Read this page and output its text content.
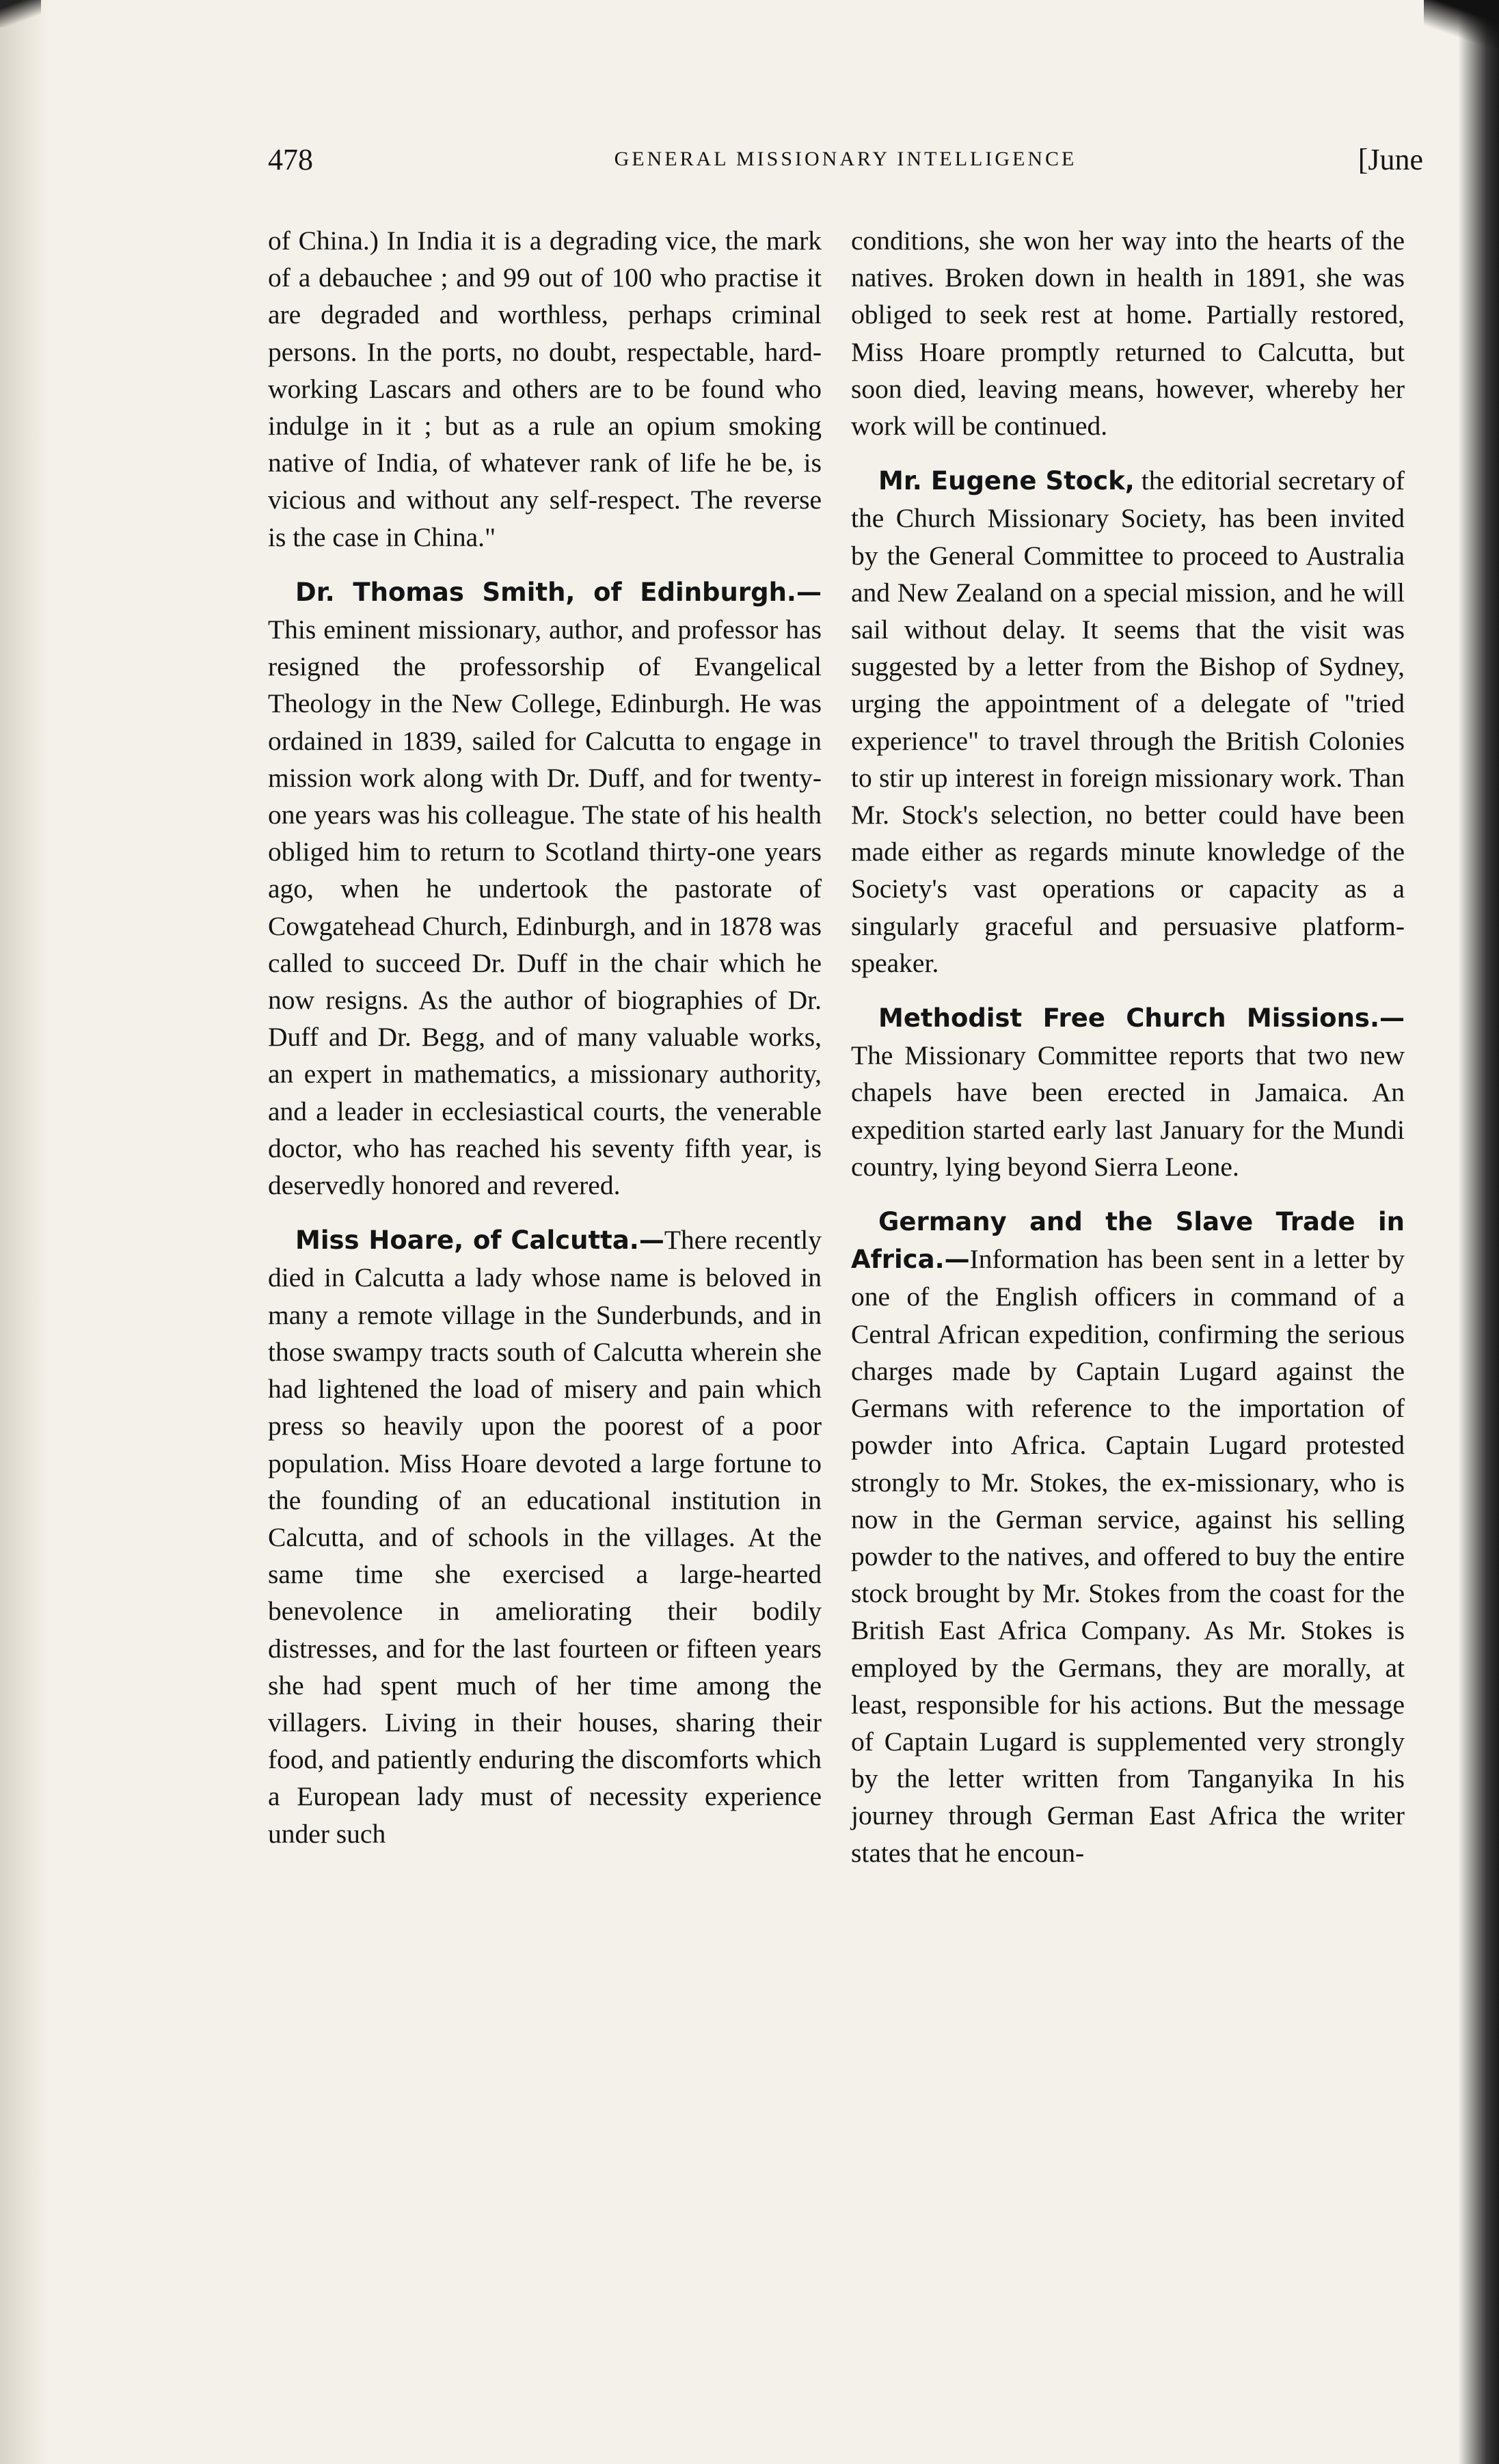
478	GENERAL MISSIONARY INTELLIGENCE	[June

of China.) In India it is a degrading vice, the mark of a debauchee ; and 99 out of 100 who practise it are degraded and worthless, perhaps criminal persons. In the ports, no doubt, respectable, hard-working Lascars and others are to be found who indulge in it ; but as a rule an opium smoking native of India, of whatever rank of life he be, is vicious and without any self-respect. The reverse is the case in China."

Dr. Thomas Smith, of Edinburgh.— This eminent missionary, author, and professor has resigned the professorship of Evangelical Theology in the New College, Edinburgh. He was ordained in 1839, sailed for Calcutta to engage in mission work along with Dr. Duff, and for twenty-one years was his colleague. The state of his health obliged him to return to Scotland thirty-one years ago, when he undertook the pastorate of Cowgatehead Church, Edinburgh, and in 1878 was called to succeed Dr. Duff in the chair which he now resigns. As the author of biographies of Dr. Duff and Dr. Begg, and of many valuable works, an expert in mathematics, a missionary authority, and a leader in ecclesiastical courts, the venerable doctor, who has reached his seventy fifth year, is deservedly honored and revered.

Miss Hoare, of Calcutta.—There recently died in Calcutta a lady whose name is beloved in many a remote village in the Sunderbunds, and in those swampy tracts south of Calcutta wherein she had lightened the load of misery and pain which press so heavily upon the poorest of a poor population. Miss Hoare devoted a large fortune to the founding of an educational institution in Calcutta, and of schools in the villages. At the same time she exercised a large-hearted benevolence in ameliorating their bodily distresses, and for the last fourteen or fifteen years she had spent much of her time among the villagers. Living in their houses, sharing their food, and patiently enduring the discomforts which a European lady must of necessity experience under such

conditions, she won her way into the hearts of the natives. Broken down in health in 1891, she was obliged to seek rest at home. Partially restored, Miss Hoare promptly returned to Calcutta, but soon died, leaving means, however, whereby her work will be continued.

Mr. Eugene Stock, the editorial secretary of the Church Missionary Society, has been invited by the General Committee to proceed to Australia and New Zealand on a special mission, and he will sail without delay. It seems that the visit was suggested by a letter from the Bishop of Sydney, urging the appointment of a delegate of "tried experience" to travel through the British Colonies to stir up interest in foreign missionary work. Than Mr. Stock's selection, no better could have been made either as regards minute knowledge of the Society's vast operations or capacity as a singularly graceful and persuasive platform-speaker.

Methodist Free Church Missions.— The Missionary Committee reports that two new chapels have been erected in Jamaica. An expedition started early last January for the Mundi country, lying beyond Sierra Leone.

Germany and the Slave Trade in Africa.—Information has been sent in a letter by one of the English officers in command of a Central African expedition, confirming the serious charges made by Captain Lugard against the Germans with reference to the importation of powder into Africa. Captain Lugard protested strongly to Mr. Stokes, the ex-missionary, who is now in the German service, against his selling powder to the natives, and offered to buy the entire stock brought by Mr. Stokes from the coast for the British East Africa Company. As Mr. Stokes is employed by the Germans, they are morally, at least, responsible for his actions. But the message of Captain Lugard is supplemented very strongly by the letter written from Tanganyika In his journey through German East Africa the writer states that he encoun-
